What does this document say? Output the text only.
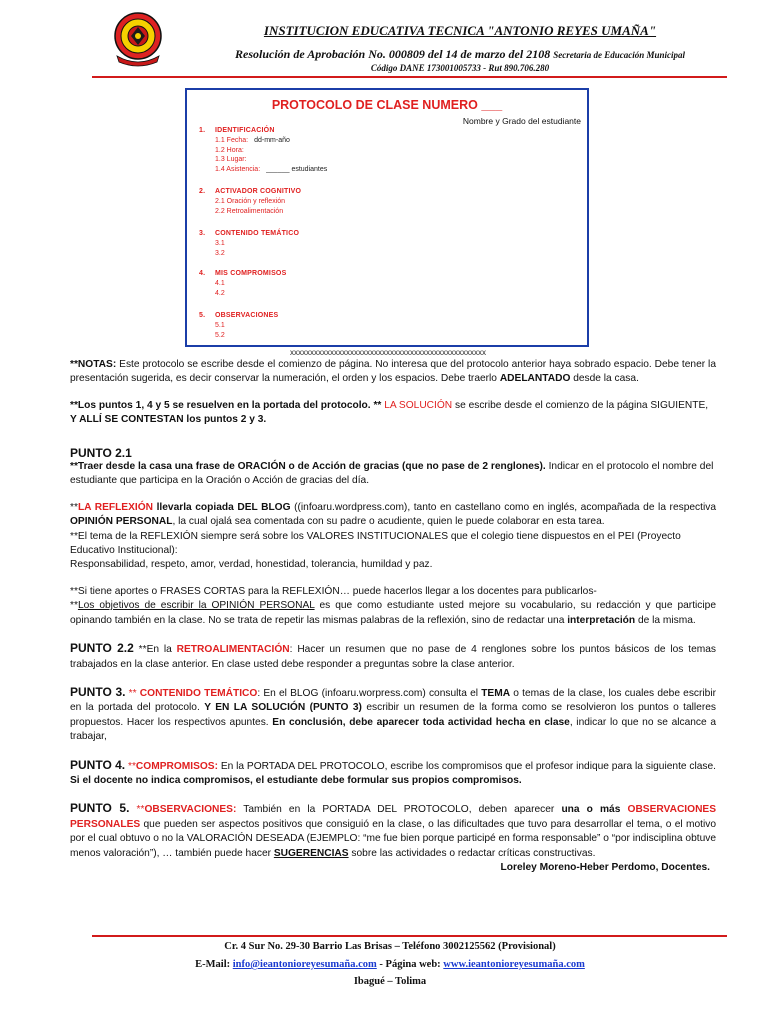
INSTITUCION EDUCATIVA TECNICA "ANTONIO REYES UMAÑA"
Resolución de Aprobación No. 000809 del 14 de marzo del 2108 Secretaria de Educación Municipal
Código DANE 173001005733 - Rut 890.706.280
PROTOCOLO DE CLASE NUMERO ___
Nombre y Grado del estudiante
1. IDENTIFICACIÓN
1.1 Fecha: dd-mm-año
1.2 Hora:
1.3 Lugar:
1.4 Asistencia: ______ estudiantes
2. ACTIVADOR COGNITIVO
2.1 Oración y reflexión
2.2 Retroalimentación
3. CONTENIDO TEMÁTICO
3.1
3.2
4. MIS COMPROMISOS
4.1
4.2
5. OBSERVACIONES
5.1
5.2
xxxxxxxxxxxxxxxxxxxxxxxxxxxxxxxxxxxxxxxxxxxxxxxxx

**NOTAS: Este protocolo se escribe desde el comienzo de página. No interesa que del protocolo anterior haya sobrado espacio. Debe tener la presentación sugerida, es decir conservar la numeración, el orden y los espacios. Debe traerlo ADELANTADO desde la casa.

**Los puntos 1, 4 y 5 se resuelven en la portada del protocolo. ** LA SOLUCIÓN se escribe desde el comienzo de la página SIGUIENTE,
Y ALLÍ SE CONTESTAN los puntos 2 y 3.

PUNTO 2.1

**Traer desde la casa una frase de ORACIÓN o de Acción de gracias (que no pase de 2 renglones). Indicar en el protocolo el nombre del estudiante que participa en la Oración o Acción de gracias del día.

**LA REFLEXIÓN llevarla copiada DEL BLOG ((infoaru.wordpress.com), tanto en castellano como en inglés, acompañada de la respectiva OPINIÓN PERSONAL, la cual ojalá sea comentada con su padre o acudiente, quien le puede colaborar en esta tarea.

**El tema de la REFLEXIÓN siempre será sobre los VALORES INSTITUCIONALES que el colegio tiene dispuestos en el PEI (Proyecto Educativo Institucional):

Responsabilidad, respeto, amor, verdad, honestidad, tolerancia, humildad y paz.

**Si tiene aportes o FRASES CORTAS para la REFLEXIÓN… puede hacerlos llegar a los docentes para publicarlos-

**Los objetivos de escribir la OPINIÓN PERSONAL es que como estudiante usted mejore su vocabulario, su redacción y que participe opinando también en la clase. No se trata de repetir las mismas palabras de la reflexión, sino de redactar una interpretación de la misma.

PUNTO 2.2 **En la RETROALIMENTACIÓN: Hacer un resumen que no pase de 4 renglones sobre los puntos básicos de los temas trabajados en la clase anterior. En clase usted debe responder a preguntas sobre la clase anterior.

PUNTO 3. ** CONTENIDO TEMÁTICO: En el BLOG (infoaru.worpress.com) consulta el TEMA o temas de la clase, los cuales debe escribir en la portada del protocolo. Y EN LA SOLUCIÓN (PUNTO 3) escribir un resumen de la forma como se resolvieron los puntos o talleres propuestos. Hacer los respectivos apuntes. En conclusión, debe aparecer toda actividad hecha en clase, indicar lo que no se alcance a trabajar,

PUNTO 4. **COMPROMISOS: En la PORTADA DEL PROTOCOLO, escribe los compromisos que el profesor indique para la siguiente clase. Si el docente no indica compromisos, el estudiante debe formular sus propios compromisos.

PUNTO 5. **OBSERVACIONES: También en la PORTADA DEL PROTOCOLO, deben aparecer una o más OBSERVACIONES PERSONALES que pueden ser aspectos positivos que consiguió en la clase, o las dificultades que tuvo para desarrollar el tema, o el motivo por el cual obtuvo o no la VALORACIÓN DESEADA (EJEMPLO: “me fue bien porque participé en forma responsable” o “por indisciplina obtuve menos valoración”), … también puede hacer SUGERENCIAS sobre las actividades o redactar críticas constructivas.

Loreley Moreno-Heber Perdomo, Docentes.

Cr. 4 Sur No. 29-30 Barrio Las Brisas – Teléfono 3002125562 (Provisional)
E-Mail: info@ieantonioreyesumaña.com - Página web: www.ieantonioreyesumaña.com
Ibagué – Tolima
